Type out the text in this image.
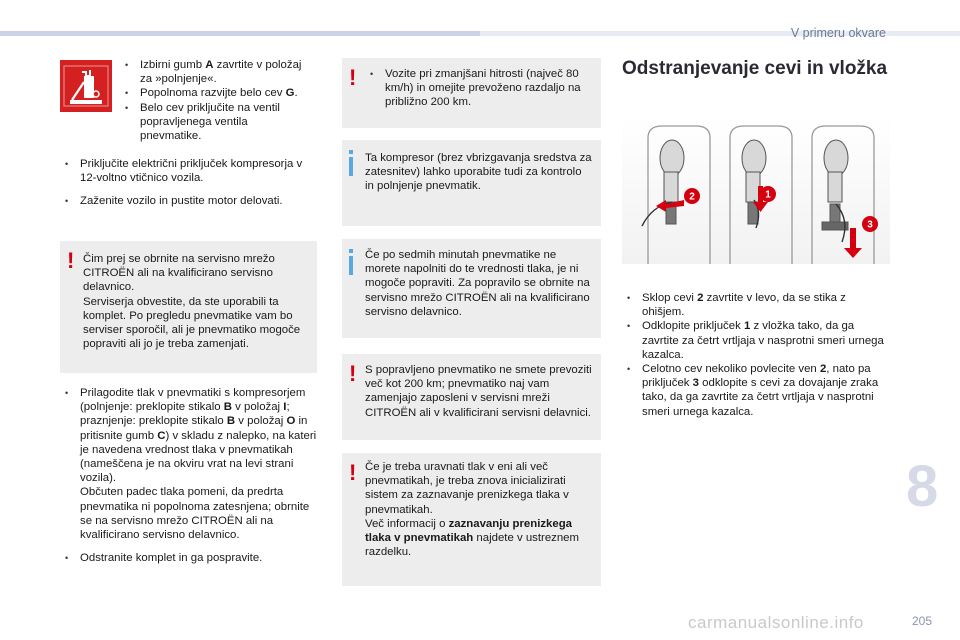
V primeru okvare
• Izbirni gumb A zavrtite v položaj za »polnjenje«.
• Popolnoma razvijte belo cev G.
• Belo cev priključite na ventil popravljenega ventila pnevmatike.
• Priključite električni priključek kompresorja v 12-voltno vtičnico vozila.
• Zaženite vozilo in pustite motor delovati.
! Čim prej se obrnite na servisno mrežo CITROËN ali na kvalificirano servisno delavnico.
Serviserja obvestite, da ste uporabili ta komplet. Po pregledu pnevmatike vam bo serviser sporočil, ali je pnevmatiko mogoče popraviti ali jo je treba zamenjati.
• Prilagodite tlak v pnevmatiki s kompresorjem (polnjenje: preklopite stikalo B v položaj I; praznjenje: preklopite stikalo B v položaj O in pritisnite gumb C) v skladu z nalepko, na kateri je navedena vrednost tlaka v pnevmatikah (nameščena je na okviru vrat na levi strani vozila).
Občuten padec tlaka pomeni, da predrta pnevmatika ni popolnoma zatesnjena; obrnite se na servisno mrežo CITROËN ali na kvalificirano servisno delavnico.
• Odstranite komplet in ga pospravite.
!
•	Vozite pri zmanjšani hitrosti (največ 80 km/h) in omejite prevoženo razdaljo na približno 200 km.
Ta kompresor (brez vbrizgavanja sredstva za zatesnitev) lahko uporabite tudi za kontrolo in polnjenje pnevmatik.
Če po sedmih minutah pnevmatike ne morete napolniti do te vrednosti tlaka, je ni mogoče popraviti. Za popravilo se obrnite na servisno mrežo CITROËN ali na kvalificirano servisno delavnico.
! S popravljeno pnevmatiko ne smete prevoziti več kot 200 km; pnevmatiko naj vam zamenjajo zaposleni v servisni mreži CITROËN ali v kvalificirani servisni delavnici.
! Če je treba uravnati tlak v eni ali več pnevmatikah, je treba znova inicializirati sistem za zaznavanje prenizkega tlaka v pnevmatikah.
Več informacij o zaznavanju prenizkega tlaka v pnevmatikah najdete v ustreznem razdelku.
Odstranjevanje cevi in vložka
2	1
3
• Sklop cevi 2 zavrtite v levo, da se stika z ohišjem.
• Odklopite priključek 1 z vložka tako, da ga zavrtite za četrt vrtljaja v nasprotni smeri urnega kazalca.
• Celotno cev nekoliko povlecite ven 2, nato pa priključek 3 odklopite s cevi za dovajanje zraka tako, da ga zavrtite za četrt vrtljaja v nasprotni smeri urnega kazalca.
8
carmanualsonline.info	205
